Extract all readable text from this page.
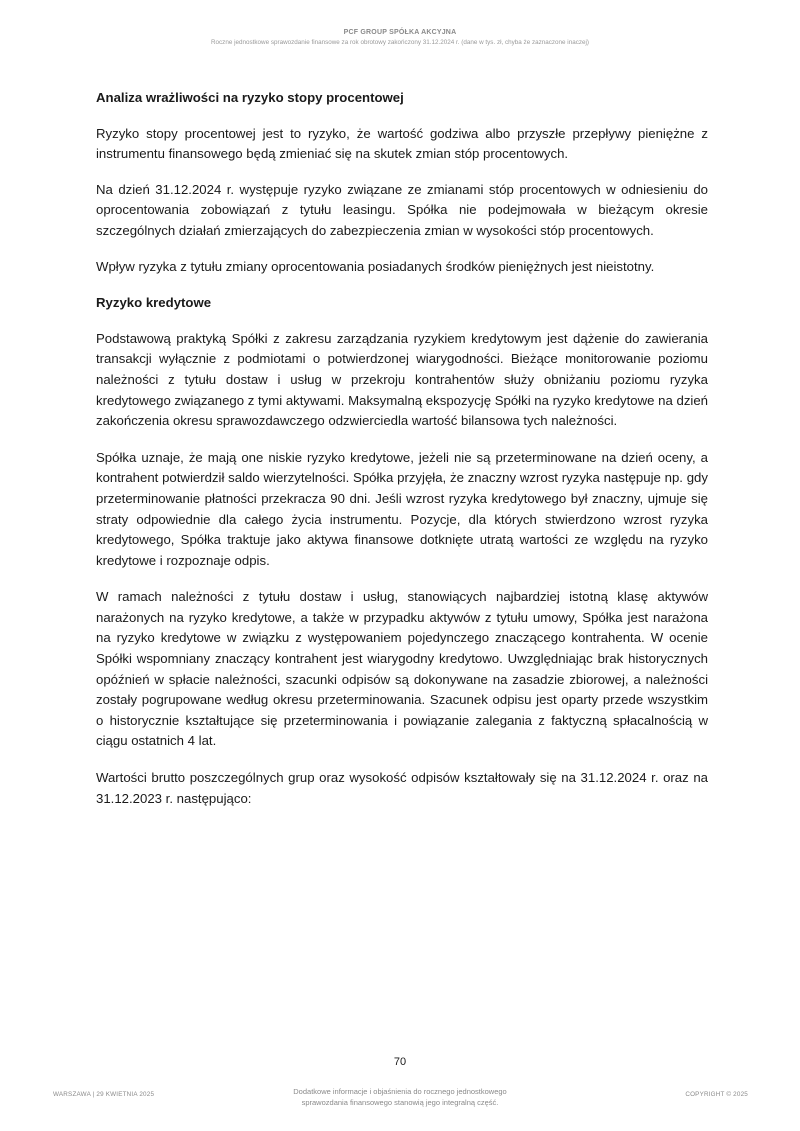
PCF GROUP SPÓŁKA AKCYJNA
Roczne jednostkowe sprawozdanie finansowe za rok obrotowy zakończony 31.12.2024 r. (dane w tys. zł, chyba że zaznaczone inaczej)
Analiza wrażliwości na ryzyko stopy procentowej

Ryzyko stopy procentowej jest to ryzyko, że wartość godziwa albo przyszłe przepływy pieniężne z instrumentu finansowego będą zmieniać się na skutek zmian stóp procentowych.

Na dzień 31.12.2024 r. występuje ryzyko związane ze zmianami stóp procentowych w odniesieniu do oprocentowania zobowiązań z tytułu leasingu. Spółka nie podejmowała w bieżącym okresie szczególnych działań zmierzających do zabezpieczenia zmian w wysokości stóp procentowych.

Wpływ ryzyka z tytułu zmiany oprocentowania posiadanych środków pieniężnych jest nieistotny.

Ryzyko kredytowe

Podstawową praktyką Spółki z zakresu zarządzania ryzykiem kredytowym jest dążenie do zawierania transakcji wyłącznie z podmiotami o potwierdzonej wiarygodności. Bieżące monitorowanie poziomu należności z tytułu dostaw i usług w przekroju kontrahentów służy obniżaniu poziomu ryzyka kredytowego związanego z tymi aktywami. Maksymalną ekspozycję Spółki na ryzyko kredytowe na dzień zakończenia okresu sprawozdawczego odzwierciedla wartość bilansowa tych należności.

Spółka uznaje, że mają one niskie ryzyko kredytowe, jeżeli nie są przeterminowane na dzień oceny, a kontrahent potwierdził saldo wierzytelności. Spółka przyjęła, że znaczny wzrost ryzyka następuje np. gdy przeterminowanie płatności przekracza 90 dni. Jeśli wzrost ryzyka kredytowego był znaczny, ujmuje się straty odpowiednie dla całego życia instrumentu. Pozycje, dla których stwierdzono wzrost ryzyka kredytowego, Spółka traktuje jako aktywa finansowe dotknięte utratą wartości ze względu na ryzyko kredytowe i rozpoznaje odpis.

W ramach należności z tytułu dostaw i usług, stanowiących najbardziej istotną klasę aktywów narażonych na ryzyko kredytowe, a także w przypadku aktywów z tytułu umowy, Spółka jest narażona na ryzyko kredytowe w związku z występowaniem pojedynczego znaczącego kontrahenta. W ocenie Spółki wspomniany znaczący kontrahent jest wiarygodny kredytowo. Uwzględniając brak historycznych opóźnień w spłacie należności, szacunki odpisów są dokonywane na zasadzie zbiorowej, a należności zostały pogrupowane według okresu przeterminowania. Szacunek odpisu jest oparty przede wszystkim o historycznie kształtujące się przeterminowania i powiązanie zalegania z faktyczną spłacalnością w ciągu ostatnich 4 lat.

Wartości brutto poszczególnych grup oraz wysokość odpisów kształtowały się na 31.12.2024 r. oraz na 31.12.2023 r. następująco:

70
WARSZAWA | 29 KWIETNIA 2025	Dodatkowe informacje i objaśnienia do rocznego jednostkowego
sprawozdania finansowego stanowią jego integralną część.
COPYRIGHT © 2025
